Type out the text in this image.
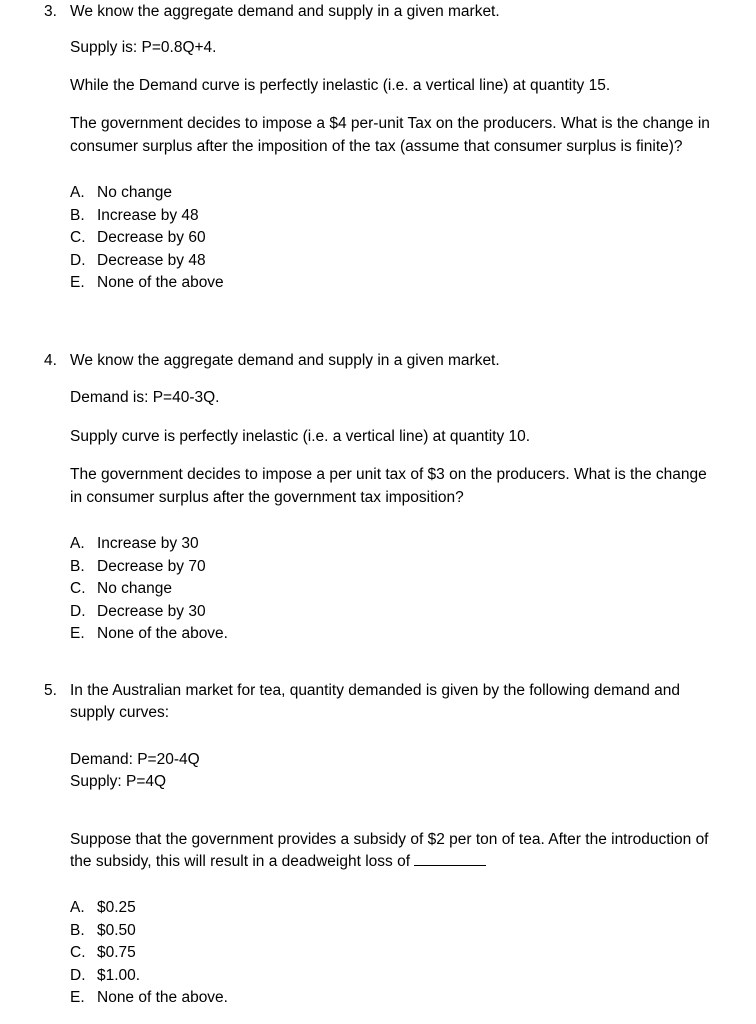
3. We know the aggregate demand and supply in a given market.

Supply is: P=0.8Q+4.

While the Demand curve is perfectly inelastic (i.e. a vertical line) at quantity 15.

The government decides to impose a $4 per-unit Tax on the producers. What is the change in consumer surplus after the imposition of the tax (assume that consumer surplus is finite)?

A. No change
B. Increase by 48
C. Decrease by 60
D. Decrease by 48
E. None of the above
4. We know the aggregate demand and supply in a given market.

Demand is: P=40-3Q.

Supply curve is perfectly inelastic (i.e. a vertical line) at quantity 10.

The government decides to impose a per unit tax of $3 on the producers. What is the change in consumer surplus after the government tax imposition?

A. Increase by 30
B. Decrease by 70
C. No change
D. Decrease by 30
E. None of the above.
5. In the Australian market for tea, quantity demanded is given by the following demand and supply curves:

Demand: P=20-4Q

Supply: P=4Q

Suppose that the government provides a subsidy of $2 per ton of tea. After the introduction of the subsidy, this will result in a deadweight loss of

A. $0.25
B. $0.50
C. $0.75
D. $1.00.
E. None of the above.
